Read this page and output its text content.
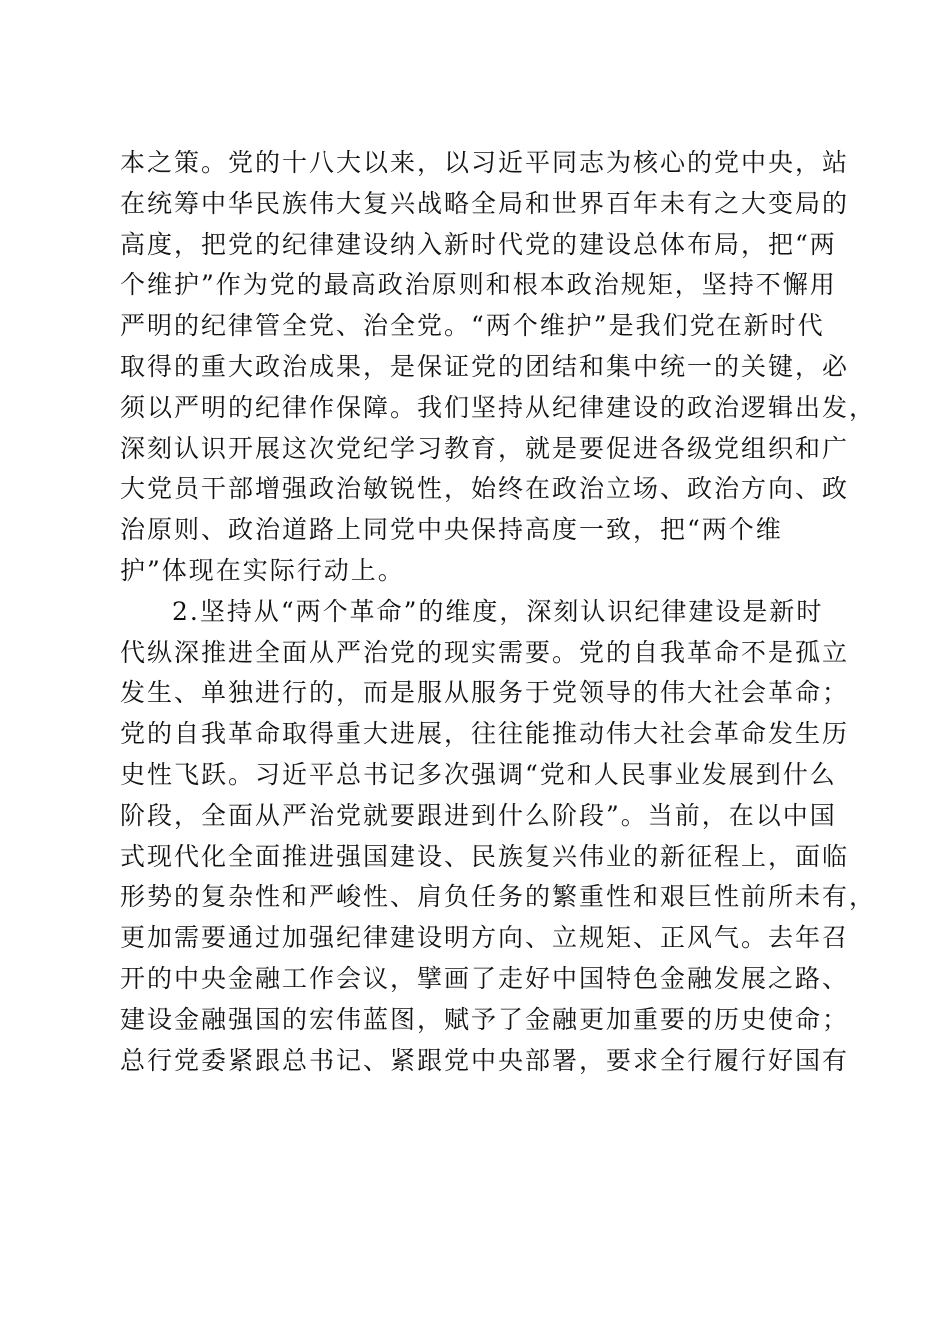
本之策。党的十八大以来，以习近平同志为核心的党中央，站
在统筹中华民族伟大复兴战略全局和世界百年未有之大变局的
高度，把党的纪律建设纳入新时代党的建设总体布局，把“两
个维护”作为党的最高政治原则和根本政治规矩，坚持不懈用
严明的纪律管全党、治全党。“两个维护”是我们党在新时代
取得的重大政治成果，是保证党的团结和集中统一的关键，必
须以严明的纪律作保障。我们坚持从纪律建设的政治逻辑出发，
深刻认识开展这次党纪学习教育，就是要促进各级党组织和广
大党员干部增强政治敏锐性，始终在政治立场、政治方向、政
治原则、政治道路上同党中央保持高度一致，把“两个维
护”体现在实际行动上。
2.坚持从“两个革命”的维度，深刻认识纪律建设是新时
代纵深推进全面从严治党的现实需要。党的自我革命不是孤立
发生、单独进行的，而是服从服务于党领导的伟大社会革命；
党的自我革命取得重大进展，往往能推动伟大社会革命发生历
史性飞跃。习近平总书记多次强调“党和人民事业发展到什么
阶段，全面从严治党就要跟进到什么阶段”。当前，在以中国
式现代化全面推进强国建设、民族复兴伟业的新征程上，面临
形势的复杂性和严峻性、肩负任务的繁重性和艰巨性前所未有，
更加需要通过加强纪律建设明方向、立规矩、正风气。去年召
开的中央金融工作会议，擘画了走好中国特色金融发展之路、
建设金融强国的宏伟蓝图，赋予了金融更加重要的历史使命；
总行党委紧跟总书记、紧跟党中央部署，要求全行履行好国有
